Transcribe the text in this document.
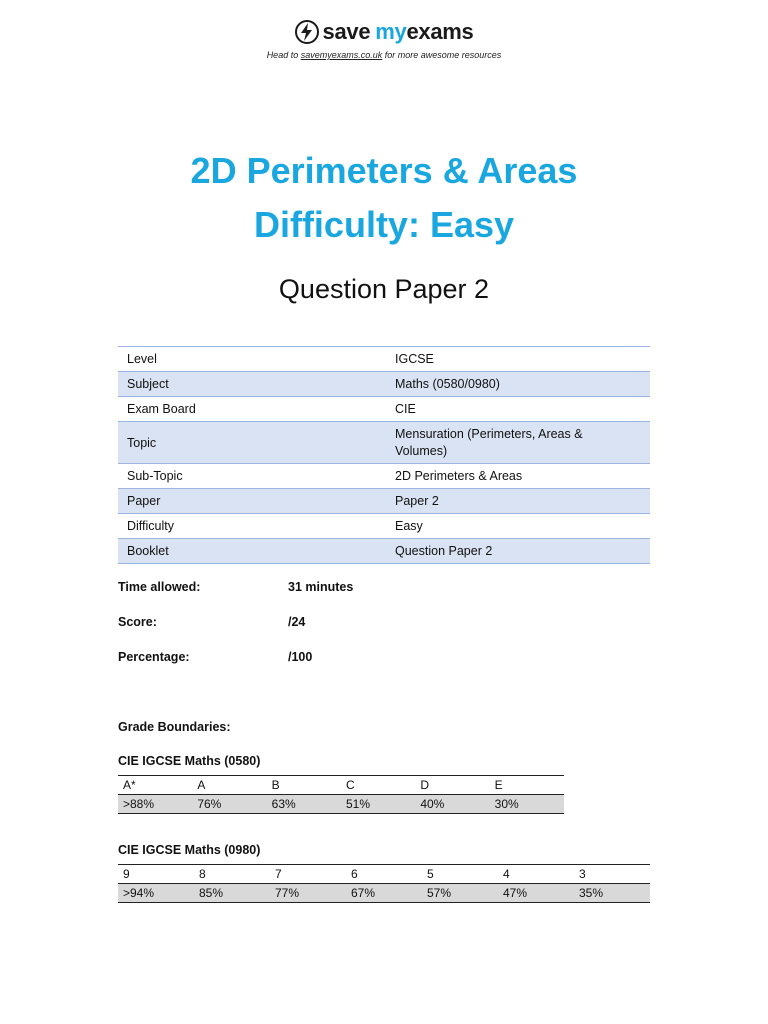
save myexams
Head to savemyexams.co.uk for more awesome resources
2D Perimeters & Areas
Difficulty: Easy
Question Paper 2
Level	IGCSE
Subject	Maths (0580/0980)
Exam Board	CIE
Topic	Mensuration (Perimeters, Areas &
Volumes)
Sub-Topic	2D Perimeters & Areas
Paper	Paper 2
Difficulty	Easy
Booklet	Question Paper 2
Time allowed:	31 minutes
Score:	/24
Percentage:	/100
Grade Boundaries:
CIE IGCSE Maths (0580)
A*	A	B	C	D	E
>88%	76%	63%	51%	40%	30%
CIE IGCSE Maths (0980)
9	8	7	6	5	4	3
>94%	85%	77%	67%	57%	47%	35%
